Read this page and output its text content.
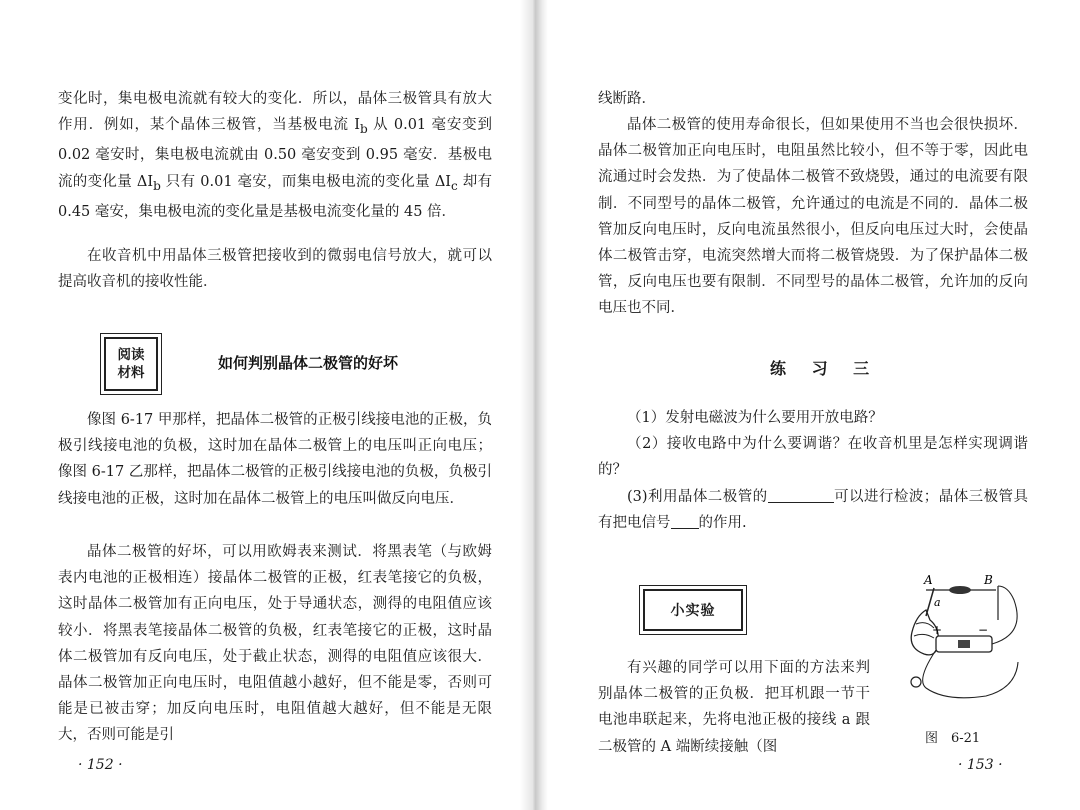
变化时，集电极电流就有较大的变化．所以，晶体三极管具有放大作用．例如，某个晶体三极管，当基极电流 $I_b$ 从 0.01 毫安变到 0.02 毫安时，集电极电流就由 0.50 毫安变到 0.95 毫安．基极电流的变化量 $\Delta I_b$ 只有 0.01 毫安，而集电极电流的变化量 $\Delta I_c$ 却有 0.45 毫安，集电极电流的变化量是基极电流变化量的 45 倍．

在收音机中用晶体三极管把接收到的微弱电信号放大，就可以提高收音机的接收性能．

阅读
材料
如何判别晶体二极管的好坏

像图 6-17 甲那样，把晶体二极管的正极引线接电池的正极，负极引线接电池的负极，这时加在晶体二极管上的电压叫正向电压；像图 6-17 乙那样，把晶体二极管的正极引线接电池的负极，负极引线接电池的正极，这时加在晶体二极管上的电压叫做反向电压．

晶体二极管的好坏，可以用欧姆表来测试．将黑表笔（与欧姆表内电池的正极相连）接晶体二极管的正极，红表笔接它的负极，这时晶体二极管加有正向电压，处于导通状态，测得的电阻值应该较小．将黑表笔接晶体二极管的负极，红表笔接它的正极，这时晶体二极管加有反向电压，处于截止状态，测得的电阻值应该很大．晶体二极管加正向电压时，电阻值越小越好，但不能是零，否则可能是已被击穿；加反向电压时，电阻值越大越好，但不能是无限大，否则可能是引

· 152 ·

线断路．

晶体二极管的使用寿命很长，但如果使用不当也会很快损坏．晶体二极管加正向电压时，电阻虽然比较小，但不等于零，因此电流通过时会发热．为了使晶体二极管不致烧毁，通过的电流要有限制．不同型号的晶体二极管，允许通过的电流是不同的．晶体二极管加反向电压时，反向电流虽然很小，但反向电压过大时，会使晶体二极管击穿，电流突然增大而将二极管烧毁．为了保护晶体二极管，反向电压也要有限制．不同型号的晶体二极管，允许加的反向电压也不同．

练 习 三

（1）发射电磁波为什么要用开放电路？

（2）接收电路中为什么要调谐？在收音机里是怎样实现调谐的？

(3)利用晶体二极管的	可以进行检波；晶体三极管具有把电信号 的作用.

小实验

有兴趣的同学可以用下面的方法来判别晶体二极管的正负极．把耳机跟一节干电池串联起来，先将电池正极的接线 a 跟二极管的 A 端断续接触（图

+	−
A	B
a
图　6-21
· 153 ·
